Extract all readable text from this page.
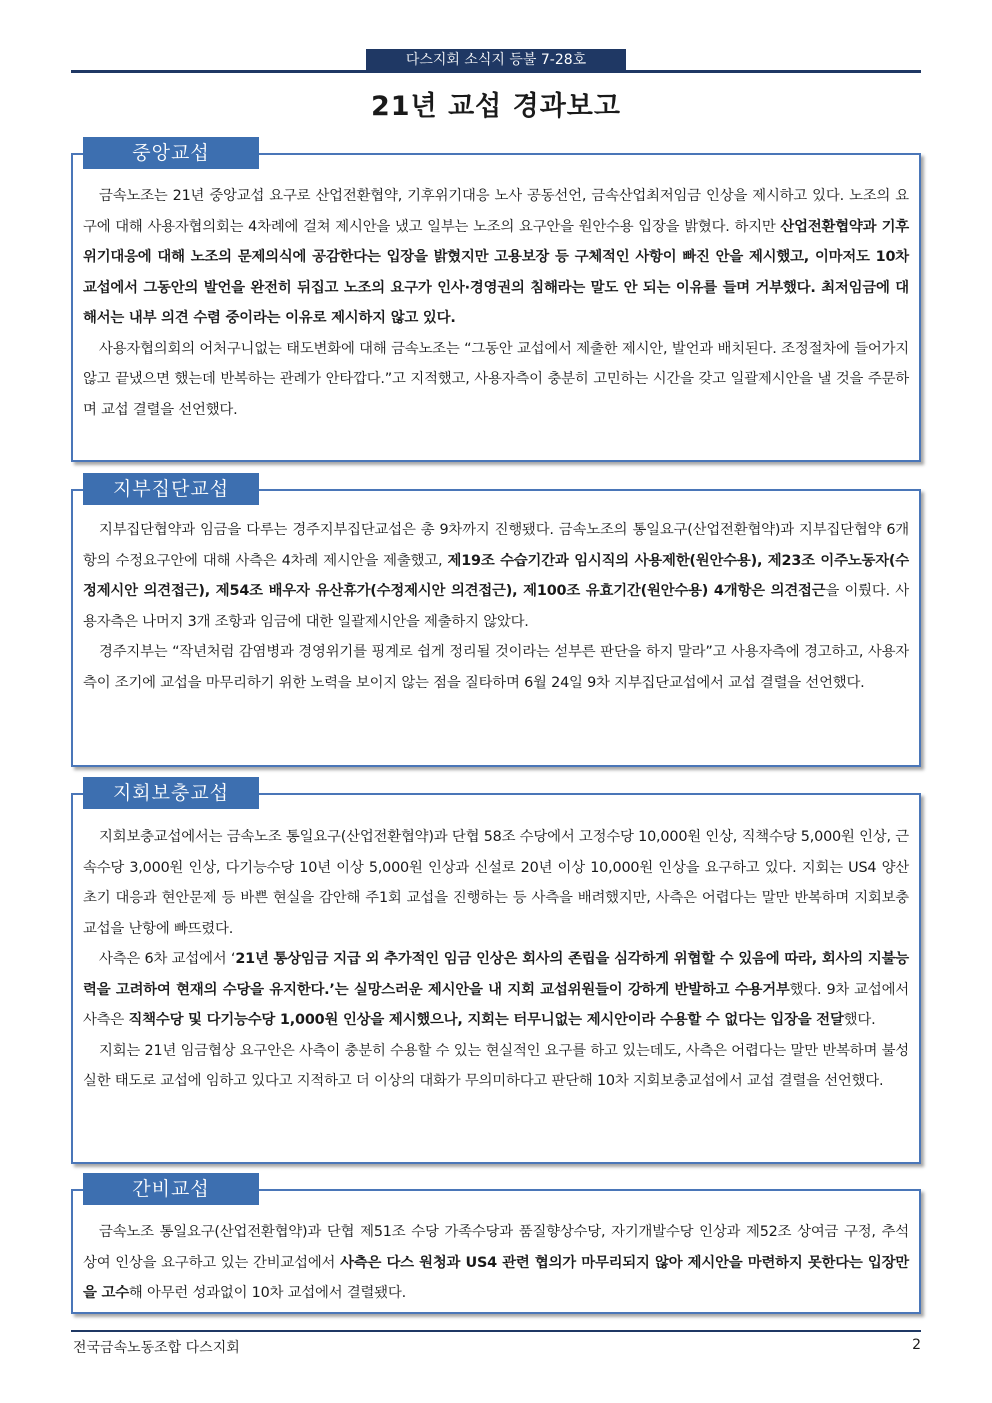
다스지회 소식지 등불 7-28호
21년 교섭 경과보고
중앙교섭

금속노조는 21년 중앙교섭 요구로 산업전환협약, 기후위기대응 노사 공동선언, 금속산업최저임금 인상을 제시하고 있다. 노조의 요구에 대해 사용자협의회는 4차례에 걸쳐 제시안을 냈고 일부는 노조의 요구안을 원안수용 입장을 밝혔다. 하지만 산업전환협약과 기후위기대응에 대해 노조의 문제의식에 공감한다는 입장을 밝혔지만 고용보장 등 구체적인 사항이 빠진 안을 제시했고, 이마저도 10차 교섭에서 그동안의 발언을 완전히 뒤집고 노조의 요구가 인사·경영권의 침해라는 말도 안 되는 이유를 들며 거부했다. 최저임금에 대해서는 내부 의견 수렴 중이라는 이유로 제시하지 않고 있다.

사용자협의회의 어처구니없는 태도변화에 대해 금속노조는 “그동안 교섭에서 제출한 제시안, 발언과 배치된다. 조정절차에 들어가지 않고 끝냈으면 했는데 반복하는 관례가 안타깝다.”고 지적했고, 사용자측이 충분히 고민하는 시간을 갖고 일괄제시안을 낼 것을 주문하며 교섭 결렬을 선언했다.

지부집단교섭

지부집단협약과 임금을 다루는 경주지부집단교섭은 총 9차까지 진행됐다. 금속노조의 통일요구(산업전환협약)과 지부집단협약 6개항의 수정요구안에 대해 사측은 4차례 제시안을 제출했고, 제19조 수습기간과 임시직의 사용제한(원안수용), 제23조 이주노동자(수정제시안 의견접근), 제54조 배우자 유산휴가(수정제시안 의견접근), 제100조 유효기간(원안수용) 4개항은 의견접근을 이뤘다. 사용자측은 나머지 3개 조항과 임금에 대한 일괄제시안을 제출하지 않았다.

경주지부는 “작년처럼 감염병과 경영위기를 핑계로 쉽게 정리될 것이라는 섣부른 판단을 하지 말라”고 사용자측에 경고하고, 사용자측이 조기에 교섭을 마무리하기 위한 노력을 보이지 않는 점을 질타하며 6월 24일 9차 지부집단교섭에서 교섭 결렬을 선언했다.

지회보충교섭

지회보충교섭에서는 금속노조 통일요구(산업전환협약)과 단협 58조 수당에서 고정수당 10,000원 인상, 직책수당 5,000원 인상, 근속수당 3,000원 인상, 다기능수당 10년 이상 5,000원 인상과 신설로 20년 이상 10,000원 인상을 요구하고 있다. 지회는 US4 양산 초기 대응과 현안문제 등 바쁜 현실을 감안해 주1회 교섭을 진행하는 등 사측을 배려했지만, 사측은 어렵다는 말만 반복하며 지회보충교섭을 난항에 빠뜨렸다.

사측은 6차 교섭에서 ‘21년 통상임금 지급 외 추가적인 임금 인상은 회사의 존립을 심각하게 위협할 수 있음에 따라, 회사의 지불능력을 고려하여 현재의 수당을 유지한다.’는 실망스러운 제시안을 내 지회 교섭위원들이 강하게 반발하고 수용거부했다. 9차 교섭에서 사측은 직책수당 및 다기능수당 1,000원 인상을 제시했으나, 지회는 터무니없는 제시안이라 수용할 수 없다는 입장을 전달했다.

지회는 21년 임금협상 요구안은 사측이 충분히 수용할 수 있는 현실적인 요구를 하고 있는데도, 사측은 어렵다는 말만 반복하며 불성실한 태도로 교섭에 임하고 있다고 지적하고 더 이상의 대화가 무의미하다고 판단해 10차 지회보충교섭에서 교섭 결렬을 선언했다.

간비교섭

금속노조 통일요구(산업전환협약)과 단협 제51조 수당 가족수당과 품질향상수당, 자기개발수당 인상과 제52조 상여금 구정, 추석 상여 인상을 요구하고 있는 간비교섭에서 사측은 다스 원청과 US4 관련 협의가 마무리되지 않아 제시안을 마련하지 못한다는 입장만을 고수해 아무런 성과없이 10차 교섭에서 결렬됐다.

전국금속노동조합 다스지회	2
